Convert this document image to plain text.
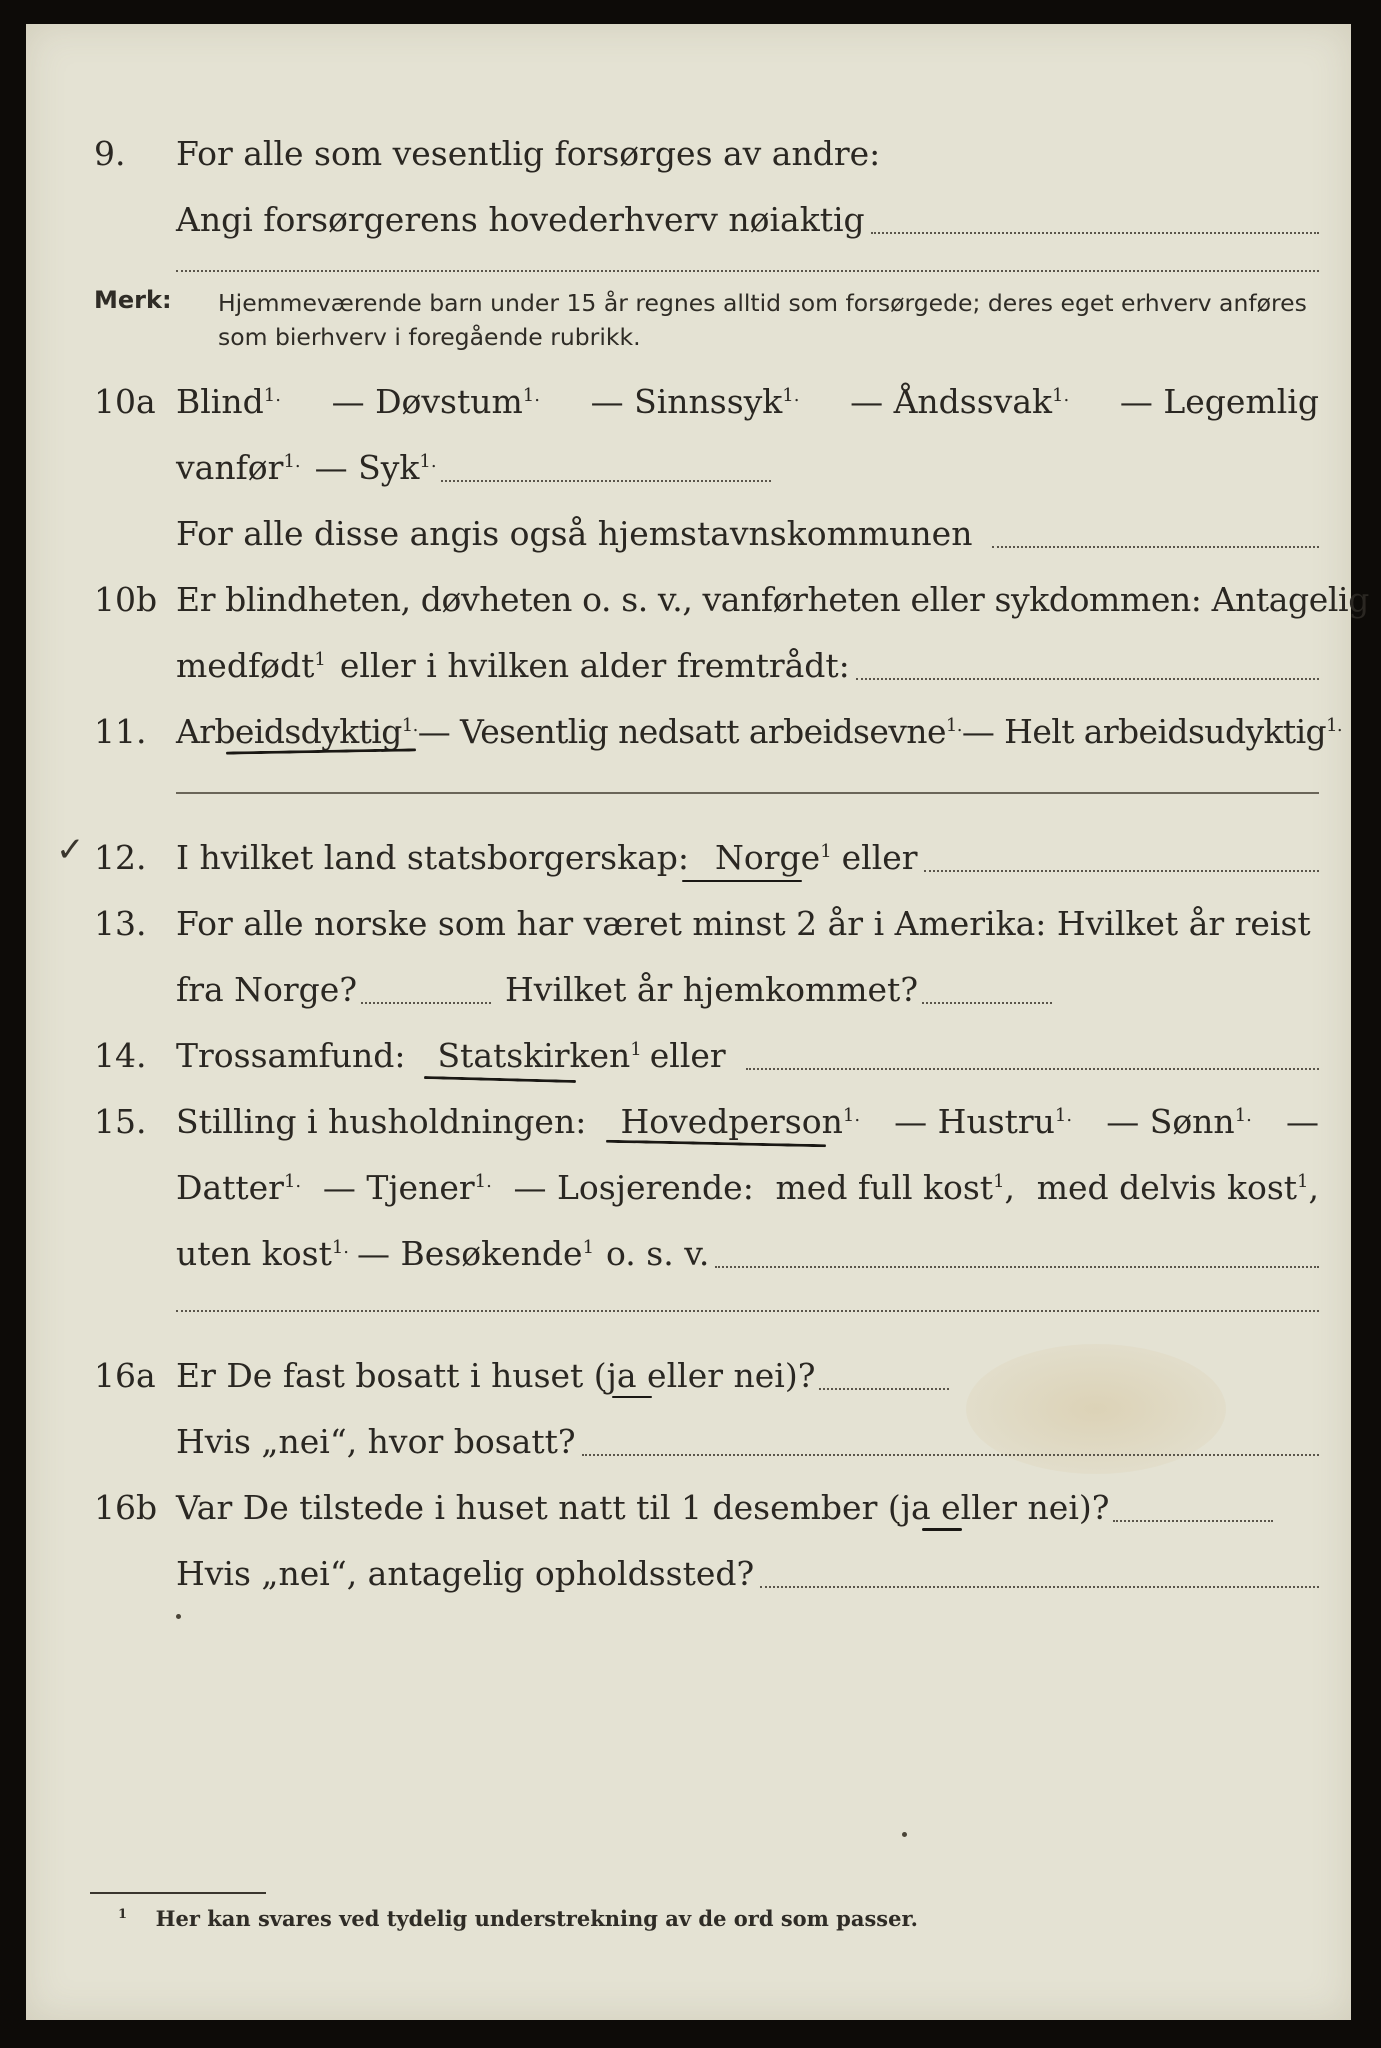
9. For alle som vesentlig forsørges av andre:
Angi forsørgerens hovederhverv nøiaktig
Merk: Hjemmeværende barn under 15 år regnes alltid som forsørgede; deres eget erhverv anføres som bierhverv i foregående rubrikk.
10a Blind$^{1.}$ — Døvstum$^{1.}$ — Sinnssyk$^{1.}$ — Åndssvak$^{1.}$ — Legemlig
vanfør$^{1.}$ — Syk$^{1.}$
For alle disse angis også hjemstavnskommunen
10b Er blindheten, døvheten o. s. v., vanførheten eller sykdommen: Antagelig
medfødt$^1$ eller i hvilken alder fremtrådt:
11. Arbeidsdyktig$^{1.}$ — Vesentlig nedsatt arbeidsevne$^{1.}$ — Helt arbeidsudyktig$^{1.}$
✓ 12. I hvilket land statsborgerskap: Norge$^1$ eller
13. For alle norske som har været minst 2 år i Amerika: Hvilket år reist
fra Norge?	Hvilket år hjemkommet?
14. Trossamfund: Statskirken$^1$ eller
15. Stilling i husholdningen: Hovedperson$^{1.}$ — Hustru$^{1.}$ — Sønn$^{1.}$ —
Datter$^{1.}$ — Tjener$^{1.}$ — Losjerende: med full kost$^1$, med delvis kost$^1$,
uten kost$^{1.}$ — Besøkende$^1$ o. s. v.
16a Er De fast bosatt i huset (ja eller nei)?
Hvis „nei“, hvor bosatt?
16b Var De tilstede i huset natt til 1 desember (ja eller nei)?
Hvis „nei“, antagelig opholdssted?
$^1$ Her kan svares ved tydelig understrekning av de ord som passer.
